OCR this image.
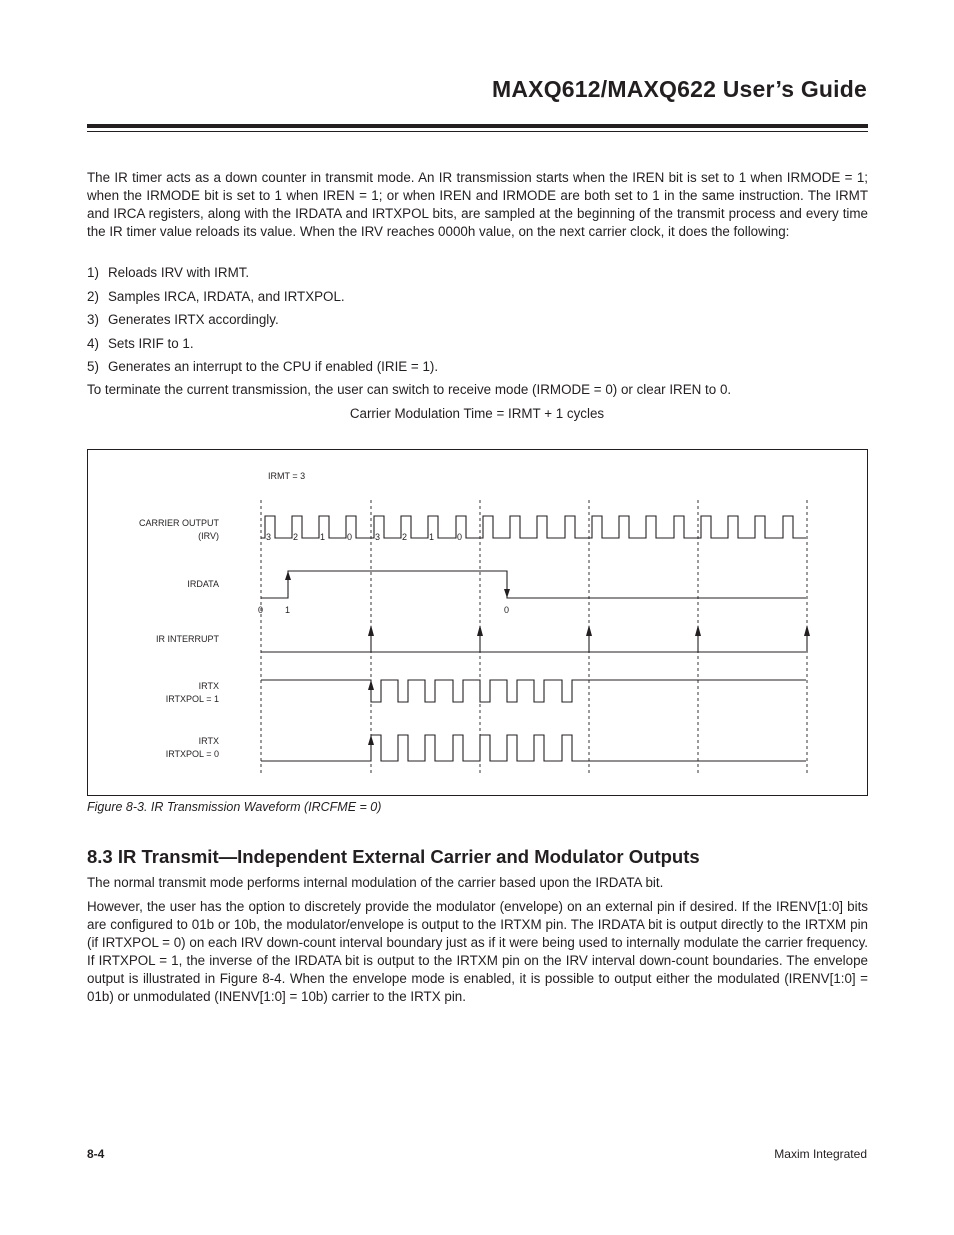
MAXQ612/MAXQ622 User’s Guide

The IR timer acts as a down counter in transmit mode. An IR transmission starts when the IREN bit is set to 1 when IRMODE = 1; when the IRMODE bit is set to 1 when IREN = 1; or when IREN and IRMODE are both set to 1 in the same instruction. The IRMT and IRCA registers, along with the IRDATA and IRTXPOL bits, are sampled at the beginning of the transmit process and every time the IR timer value reloads its value. When the IRV reaches 0000h value, on the next carrier clock, it does the following:

1) Reloads IRV with IRMT.
2) Samples IRCA, IRDATA, and IRTXPOL.
3) Generates IRTX accordingly.
4) Sets IRIF to 1.
5) Generates an interrupt to the CPU if enabled (IRIE = 1).

To terminate the current transmission, the user can switch to receive mode (IRMODE = 0) or clear IREN to 0.

Carrier Modulation Time = IRMT + 1 cycles

IRMT = 3
CARRIER OUTPUT
(IRV)
IRDATA
IR INTERRUPT
IRTX
IRTXPOL = 1
IRTX
IRTXPOL = 0
3 2 1 0	3 2 1	0
0 1	0

Figure 8-3. IR Transmission Waveform (IRCFME = 0)

8.3 IR Transmit—Independent External Carrier and Modulator Outputs

The normal transmit mode performs internal modulation of the carrier based upon the IRDATA bit.

However, the user has the option to discretely provide the modulator (envelope) on an external pin if desired. If the IRENV[1:0] bits are configured to 01b or 10b, the modulator/envelope is output to the IRTXM pin. The IRDATA bit is output directly to the IRTXM pin (if IRTXPOL = 0) on each IRV down-count interval boundary just as if it were being used to internally modulate the carrier frequency. If IRTXPOL = 1, the inverse of the IRDATA bit is output to the IRTXM pin on the IRV interval down-count boundaries. The envelope output is illustrated in Figure 8-4. When the envelope mode is enabled, it is possible to output either the modulated (IRENV[1:0] = 01b) or unmodulated (INENV[1:0] = 10b) carrier to the IRTX pin.

8-4	Maxim Integrated
